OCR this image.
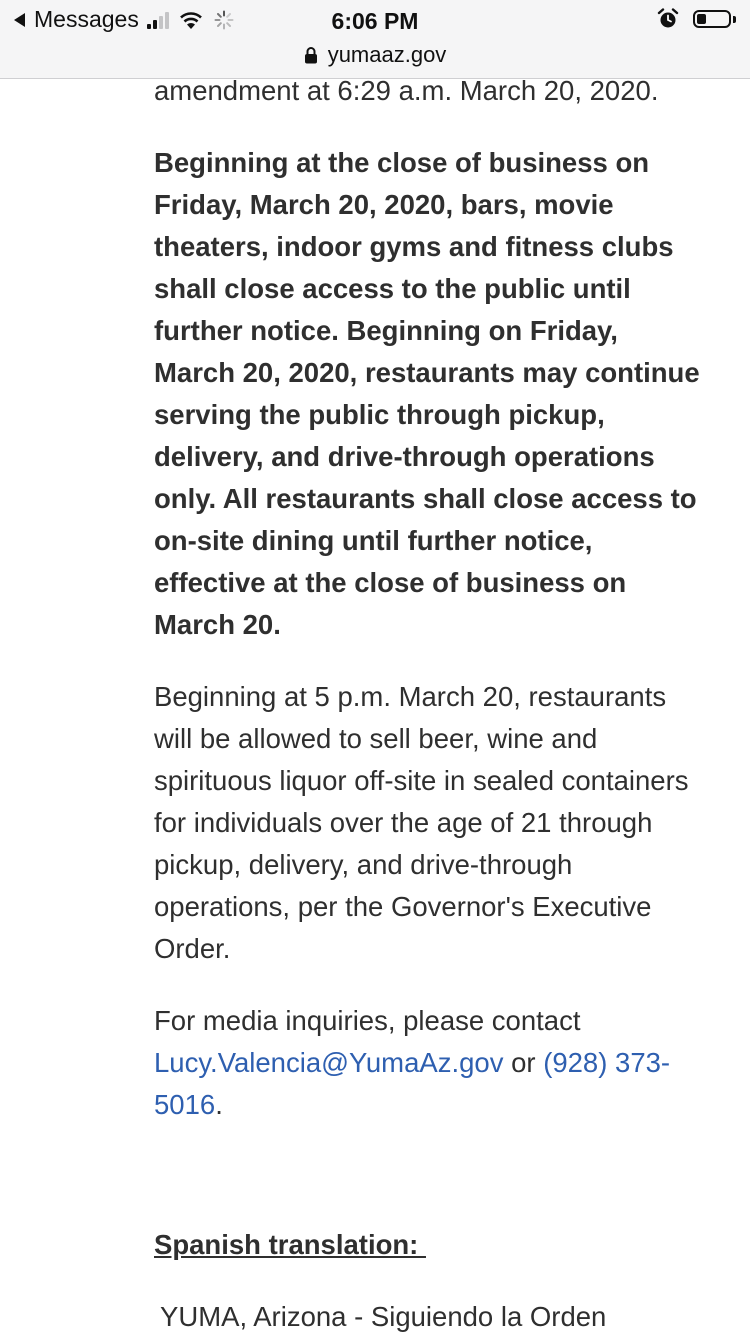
Messages	6:06 PM
yumaaz.gov

amendment at 6:29 a.m. March 20, 2020.

Beginning at the close of business on Friday, March 20, 2020, bars, movie theaters, indoor gyms and fitness clubs shall close access to the public until further notice. Beginning on Friday, March 20, 2020, restaurants may continue serving the public through pickup, delivery, and drive-through operations only. All restaurants shall close access to on-site dining until further notice, effective at the close of business on March 20.

Beginning at 5 p.m. March 20, restaurants will be allowed to sell beer, wine and spirituous liquor off-site in sealed containers for individuals over the age of 21 through pickup, delivery, and drive-through operations, per the Governor's Executive Order.

For media inquiries, please contact Lucy.Valencia@YumaAz.gov or (928) 373-
5016.

Spanish translation:
YUMA, Arizona - Siguiendo la Orden
